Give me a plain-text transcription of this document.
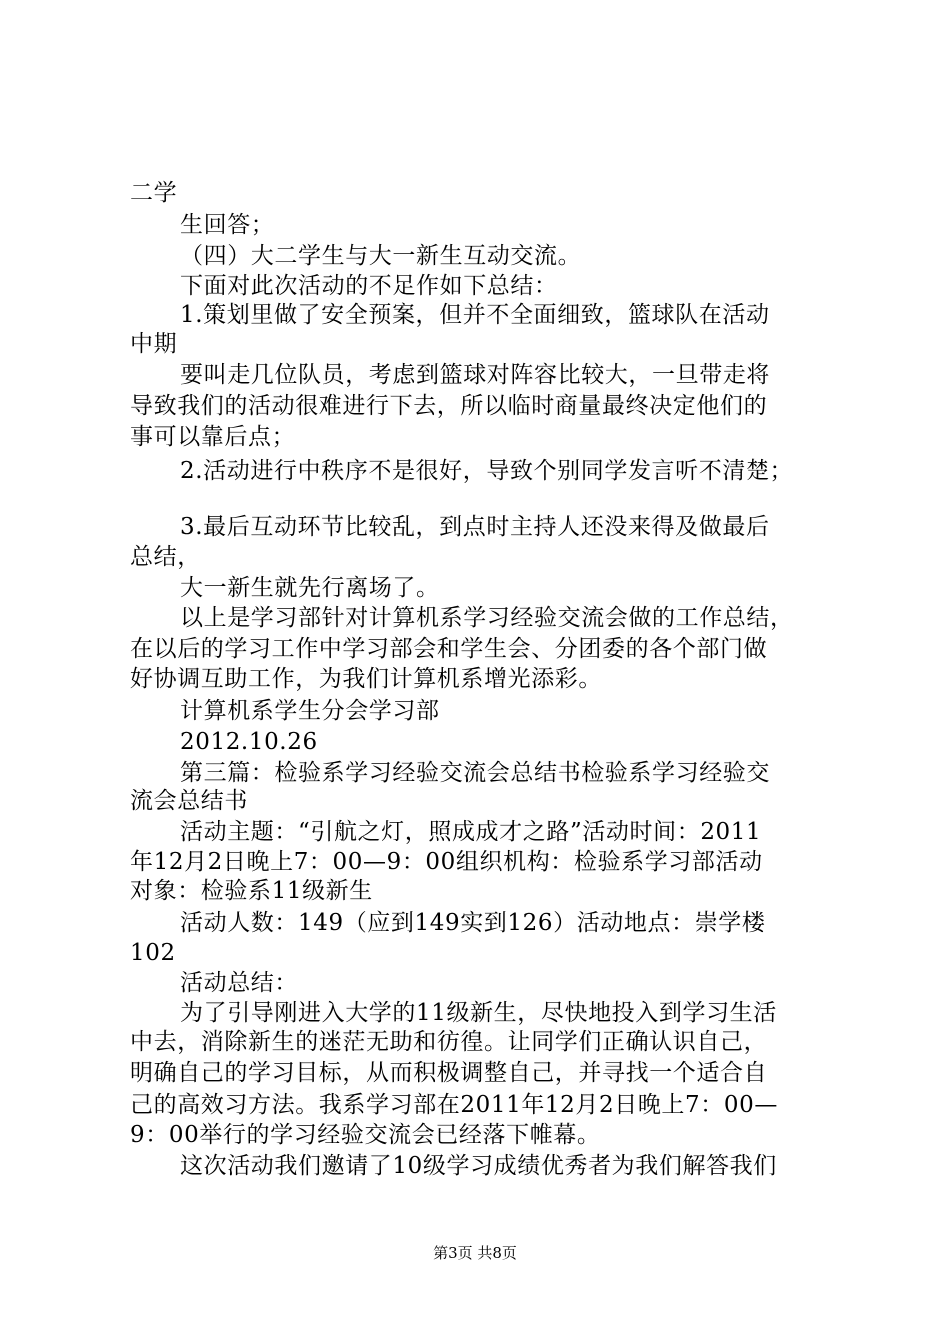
二学
生回答；
（四）大二学生与大一新生互动交流。
下面对此次活动的不足作如下总结：
1.策划里做了安全预案，但并不全面细致，篮球队在活动
中期
要叫走几位队员，考虑到篮球对阵容比较大，一旦带走将
导致我们的活动很难进行下去，所以临时商量最终决定他们的
事可以靠后点；
2.活动进行中秩序不是很好，导致个别同学发言听不清楚；
3.最后互动环节比较乱，到点时主持人还没来得及做最后
总结，
大一新生就先行离场了。
以上是学习部针对计算机系学习经验交流会做的工作总结，
在以后的学习工作中学习部会和学生会、分团委的各个部门做
好协调互助工作，为我们计算机系增光添彩。
计算机系学生分会学习部
2012.10.26
第三篇：检验系学习经验交流会总结书检验系学习经验交
流会总结书
活动主题：“引航之灯，照成成才之路”活动时间：2011
年12月2日晚上7：00—9：00组织机构：检验系学习部活动
对象：检验系11级新生
活动人数：149（应到149实到126）活动地点：崇学楼
102
活动总结：
为了引导刚进入大学的11级新生，尽快地投入到学习生活
中去，消除新生的迷茫无助和彷徨。让同学们正确认识自己，
明确自己的学习目标，从而积极调整自己，并寻找一个适合自
己的高效习方法。我系学习部在2011年12月2日晚上7：00—
9：00举行的学习经验交流会已经落下帷幕。
这次活动我们邀请了10级学习成绩优秀者为我们解答我们
第3页 共8页
